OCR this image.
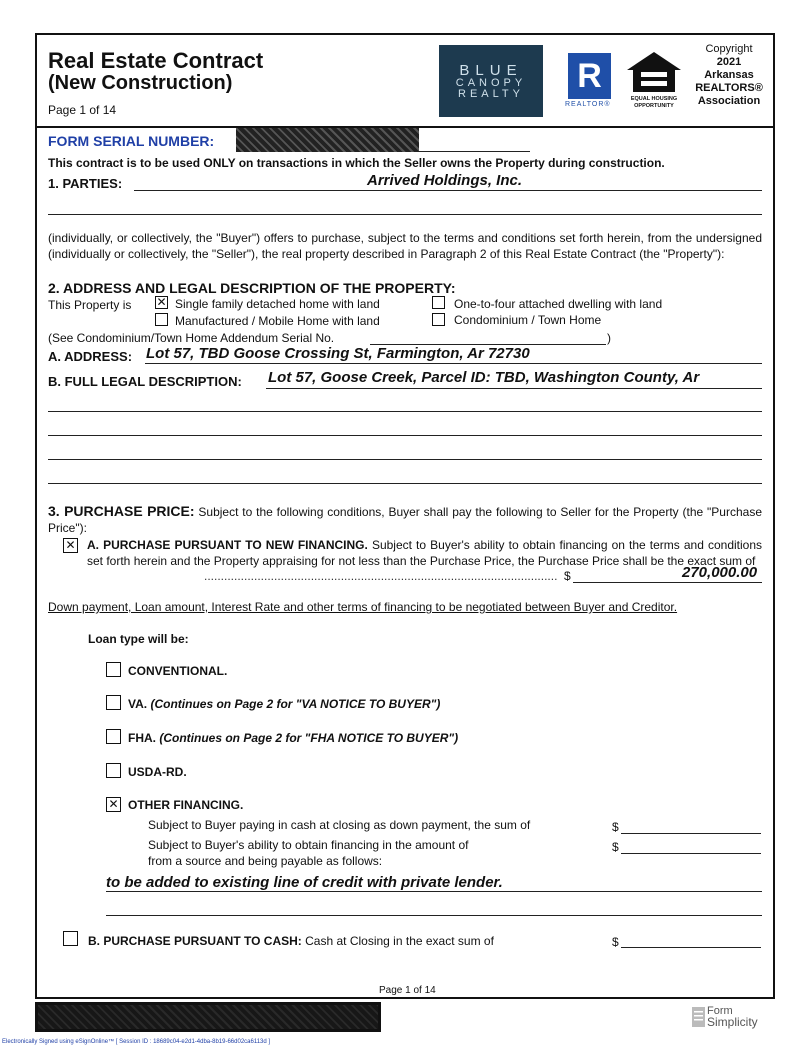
Real Estate Contract
(New Construction)
Page 1 of 14
BLUE
CANOPY
REALTY	R
REALTOR®
EQUAL HOUSING
OPPORTUNITY
Copyright
2021
Arkansas
REALTORS®
Association
FORM SERIAL NUMBER:
This contract is to be used ONLY on transactions in which the Seller owns the Property during construction.
1. PARTIES:	Arrived Holdings, Inc.
(individually, or collectively, the "Buyer") offers to purchase, subject to the terms and conditions set forth herein, from the undersigned (individually or collectively, the "Seller"), the real property described in Paragraph 2 of this Real Estate Contract (the "Property"):
2. ADDRESS AND LEGAL DESCRIPTION OF THE PROPERTY:
This Property is ✕ Single family detached home with land	One-to-four attached dwelling with land
Manufactured / Mobile Home with land	Condominium / Town Home
(See Condominium/Town Home Addendum Serial No.	)
A. ADDRESS: Lot 57, TBD Goose Crossing St, Farmington, Ar 72730
B. FULL LEGAL DESCRIPTION: Lot 57, Goose Creek, Parcel ID: TBD, Washington County, Ar
3. PURCHASE PRICE: Subject to the following conditions, Buyer shall pay the following to Seller for the Property (the "Purchase Price"):
✕ A. PURCHASE PURSUANT TO NEW FINANCING. Subject to Buyer's ability to obtain financing on the terms and conditions set forth herein and the Property appraising for not less than the Purchase Price, the Purchase Price shall be the exact sum of
.......................................................................................................... $	270,000.00
Down payment, Loan amount, Interest Rate and other terms of financing to be negotiated between Buyer and Creditor.
Loan type will be:
CONVENTIONAL.
VA. (Continues on Page 2 for "VA NOTICE TO BUYER")
FHA. (Continues on Page 2 for "FHA NOTICE TO BUYER")
USDA-RD.
✕ OTHER FINANCING.
Subject to Buyer paying in cash at closing as down payment, the sum of	$
Subject to Buyer's ability to obtain financing in the amount of	$
from a source and being payable as follows:
to be added to existing line of credit with private lender.
B. PURCHASE PURSUANT TO CASH: Cash at Closing in the exact sum of	$
Page 1 of 14
Form
Simplicity
Electronically Signed using eSignOnline™ [ Session ID : 18689c04-e2d1-4dba-8b19-66d02ca6113d ]
